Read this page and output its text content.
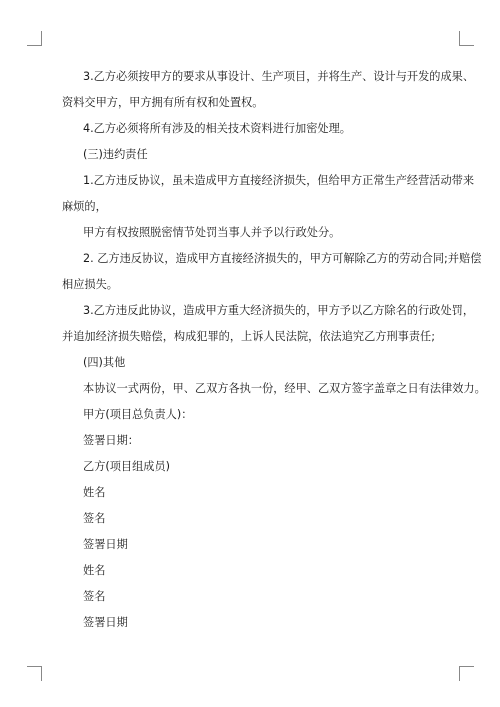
3.乙方必须按甲方的要求从事设计、生产项目，并将生产、设计与开发的成果、

资料交甲方，甲方拥有所有权和处置权。

4.乙方必须将所有涉及的相关技术资料进行加密处理。

(三)违约责任

1.乙方违反协议，虽未造成甲方直接经济损失，但给甲方正常生产经营活动带来

麻烦的，

甲方有权按照脱密情节处罚当事人并予以行政处分。

2. 乙方违反协议，造成甲方直接经济损失的，甲方可解除乙方的劳动合同;并赔偿

相应损失。

3.乙方违反此协议，造成甲方重大经济损失的，甲方予以乙方除名的行政处罚，

并追加经济损失赔偿，构成犯罪的，上诉人民法院，依法追究乙方刑事责任;

(四)其他

本协议一式两份，甲、乙双方各执一份，经甲、乙双方签字盖章之日有法律效力。

甲方(项目总负责人)：

签署日期：

乙方(项目组成员)

姓名

签名

签署日期

姓名

签名

签署日期
